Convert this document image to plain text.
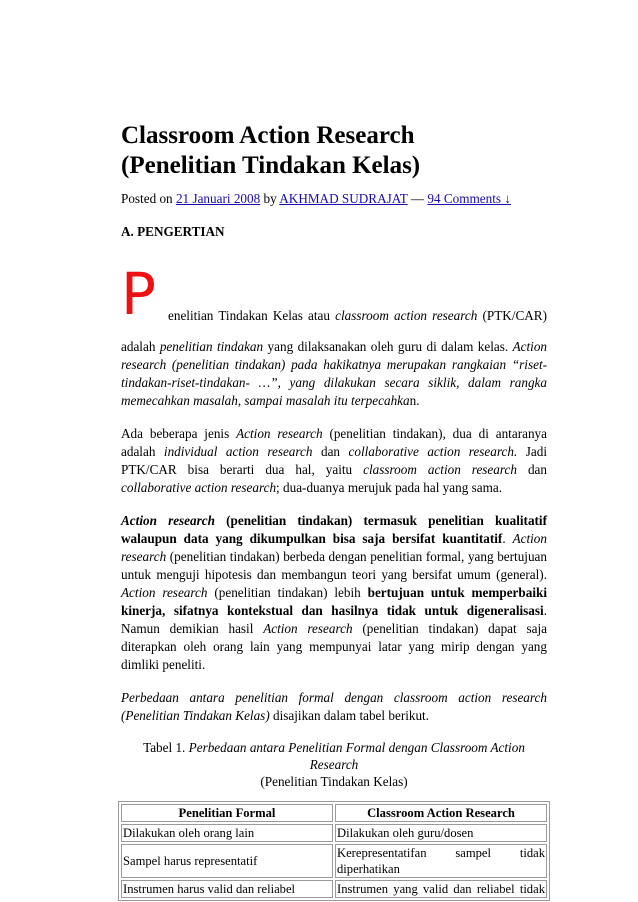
Classroom Action Research
(Penelitian Tindakan Kelas)
Posted on 21 Januari 2008 by AKHMAD SUDRAJAT — 94 Comments ↓
A. PENGERTIAN
P enelitian Tindakan Kelas atau classroom action research (PTK/CAR)

adalah penelitian tindakan yang dilaksanakan oleh guru di dalam kelas. Action research (penelitian tindakan) pada hakikatnya merupakan rangkaian “riset-tindakan-riset-tindakan- …”, yang dilakukan secara siklik, dalam rangka memecahkan masalah, sampai masalah itu terpecahkan.

Ada beberapa jenis Action research (penelitian tindakan), dua di antaranya adalah individual action research dan collaborative action research. Jadi PTK/CAR bisa berarti dua hal, yaitu classroom action research dan collaborative action research; dua-duanya merujuk pada hal yang sama.

Action research (penelitian tindakan) termasuk penelitian kualitatif walaupun data yang dikumpulkan bisa saja bersifat kuantitatif. Action research (penelitian tindakan) berbeda dengan penelitian formal, yang bertujuan untuk menguji hipotesis dan membangun teori yang bersifat umum (general). Action research (penelitian tindakan) lebih bertujuan untuk memperbaiki kinerja, sifatnya kontekstual dan hasilnya tidak untuk digeneralisasi. Namun demikian hasil Action research (penelitian tindakan) dapat saja diterapkan oleh orang lain yang mempunyai latar yang mirip dengan yang dimliki peneliti.

Perbedaan antara penelitian formal dengan classroom action research (Penelitian Tindakan Kelas) disajikan dalam tabel berikut.

Tabel 1. Perbedaan antara Penelitian Formal dengan Classroom Action Research
(Penelitian Tindakan Kelas)
Penelitian Formal	Classroom Action Research
Dilakukan oleh orang lain	Dilakukan oleh guru/dosen
Sampel harus representatif	Kerepresentatifan sampel tidak
diperhatikan

Instrumen harus valid dan reliabel	Instrumen yang valid dan reliabel tidak
